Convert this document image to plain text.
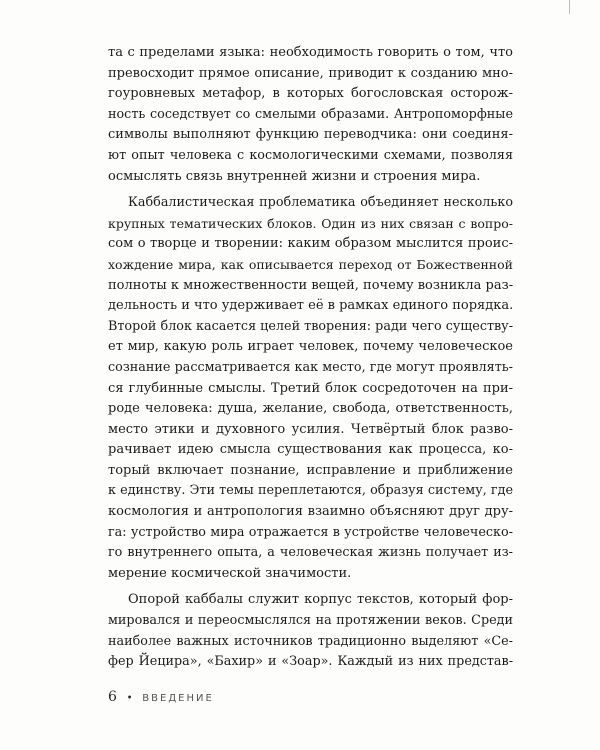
та с пределами языка: необходимость говорить о том, что
превосходит прямое описание, приводит к созданию мно-
гоуровневых метафор, в которых богословская осторож-
ность соседствует со смелыми образами. Антропоморфные
символы выполняют функцию переводчика: они соединя-
ют опыт человека с космологическими схемами, позволяя
осмыслять связь внутренней жизни и строения мира.
Каббалистическая проблематика объединяет несколько
крупных тематических блоков. Один из них связан с вопро-
сом о творце и творении: каким образом мыслится проис-
хождение мира, как описывается переход от Божественной
полноты к множественности вещей, почему возникла раз-
дельность и что удерживает её в рамках единого порядка.
Второй блок касается целей творения: ради чего существу-
ет мир, какую роль играет человек, почему человеческое
сознание рассматривается как место, где могут проявлять-
ся глубинные смыслы. Третий блок сосредоточен на при-
роде человека: душа, желание, свобода, ответственность,
место этики и духовного усилия. Четвёртый блок разво-
рачивает идею смысла существования как процесса, ко-
торый включает познание, исправление и приближение
к единству. Эти темы переплетаются, образуя систему, где
космология и антропология взаимно объясняют друг дру-
га: устройство мира отражается в устройстве человеческо-
го внутреннего опыта, а человеческая жизнь получает из-
мерение космической значимости.
Опорой каббалы служит корпус текстов, который фор-
мировался и переосмыслялся на протяжении веков. Среди
наиболее важных источников традиционно выделяют «Се-
фер Йецира», «Бахир» и «Зоар». Каждый из них представ-
6 • ВВЕДЕНИЕ
